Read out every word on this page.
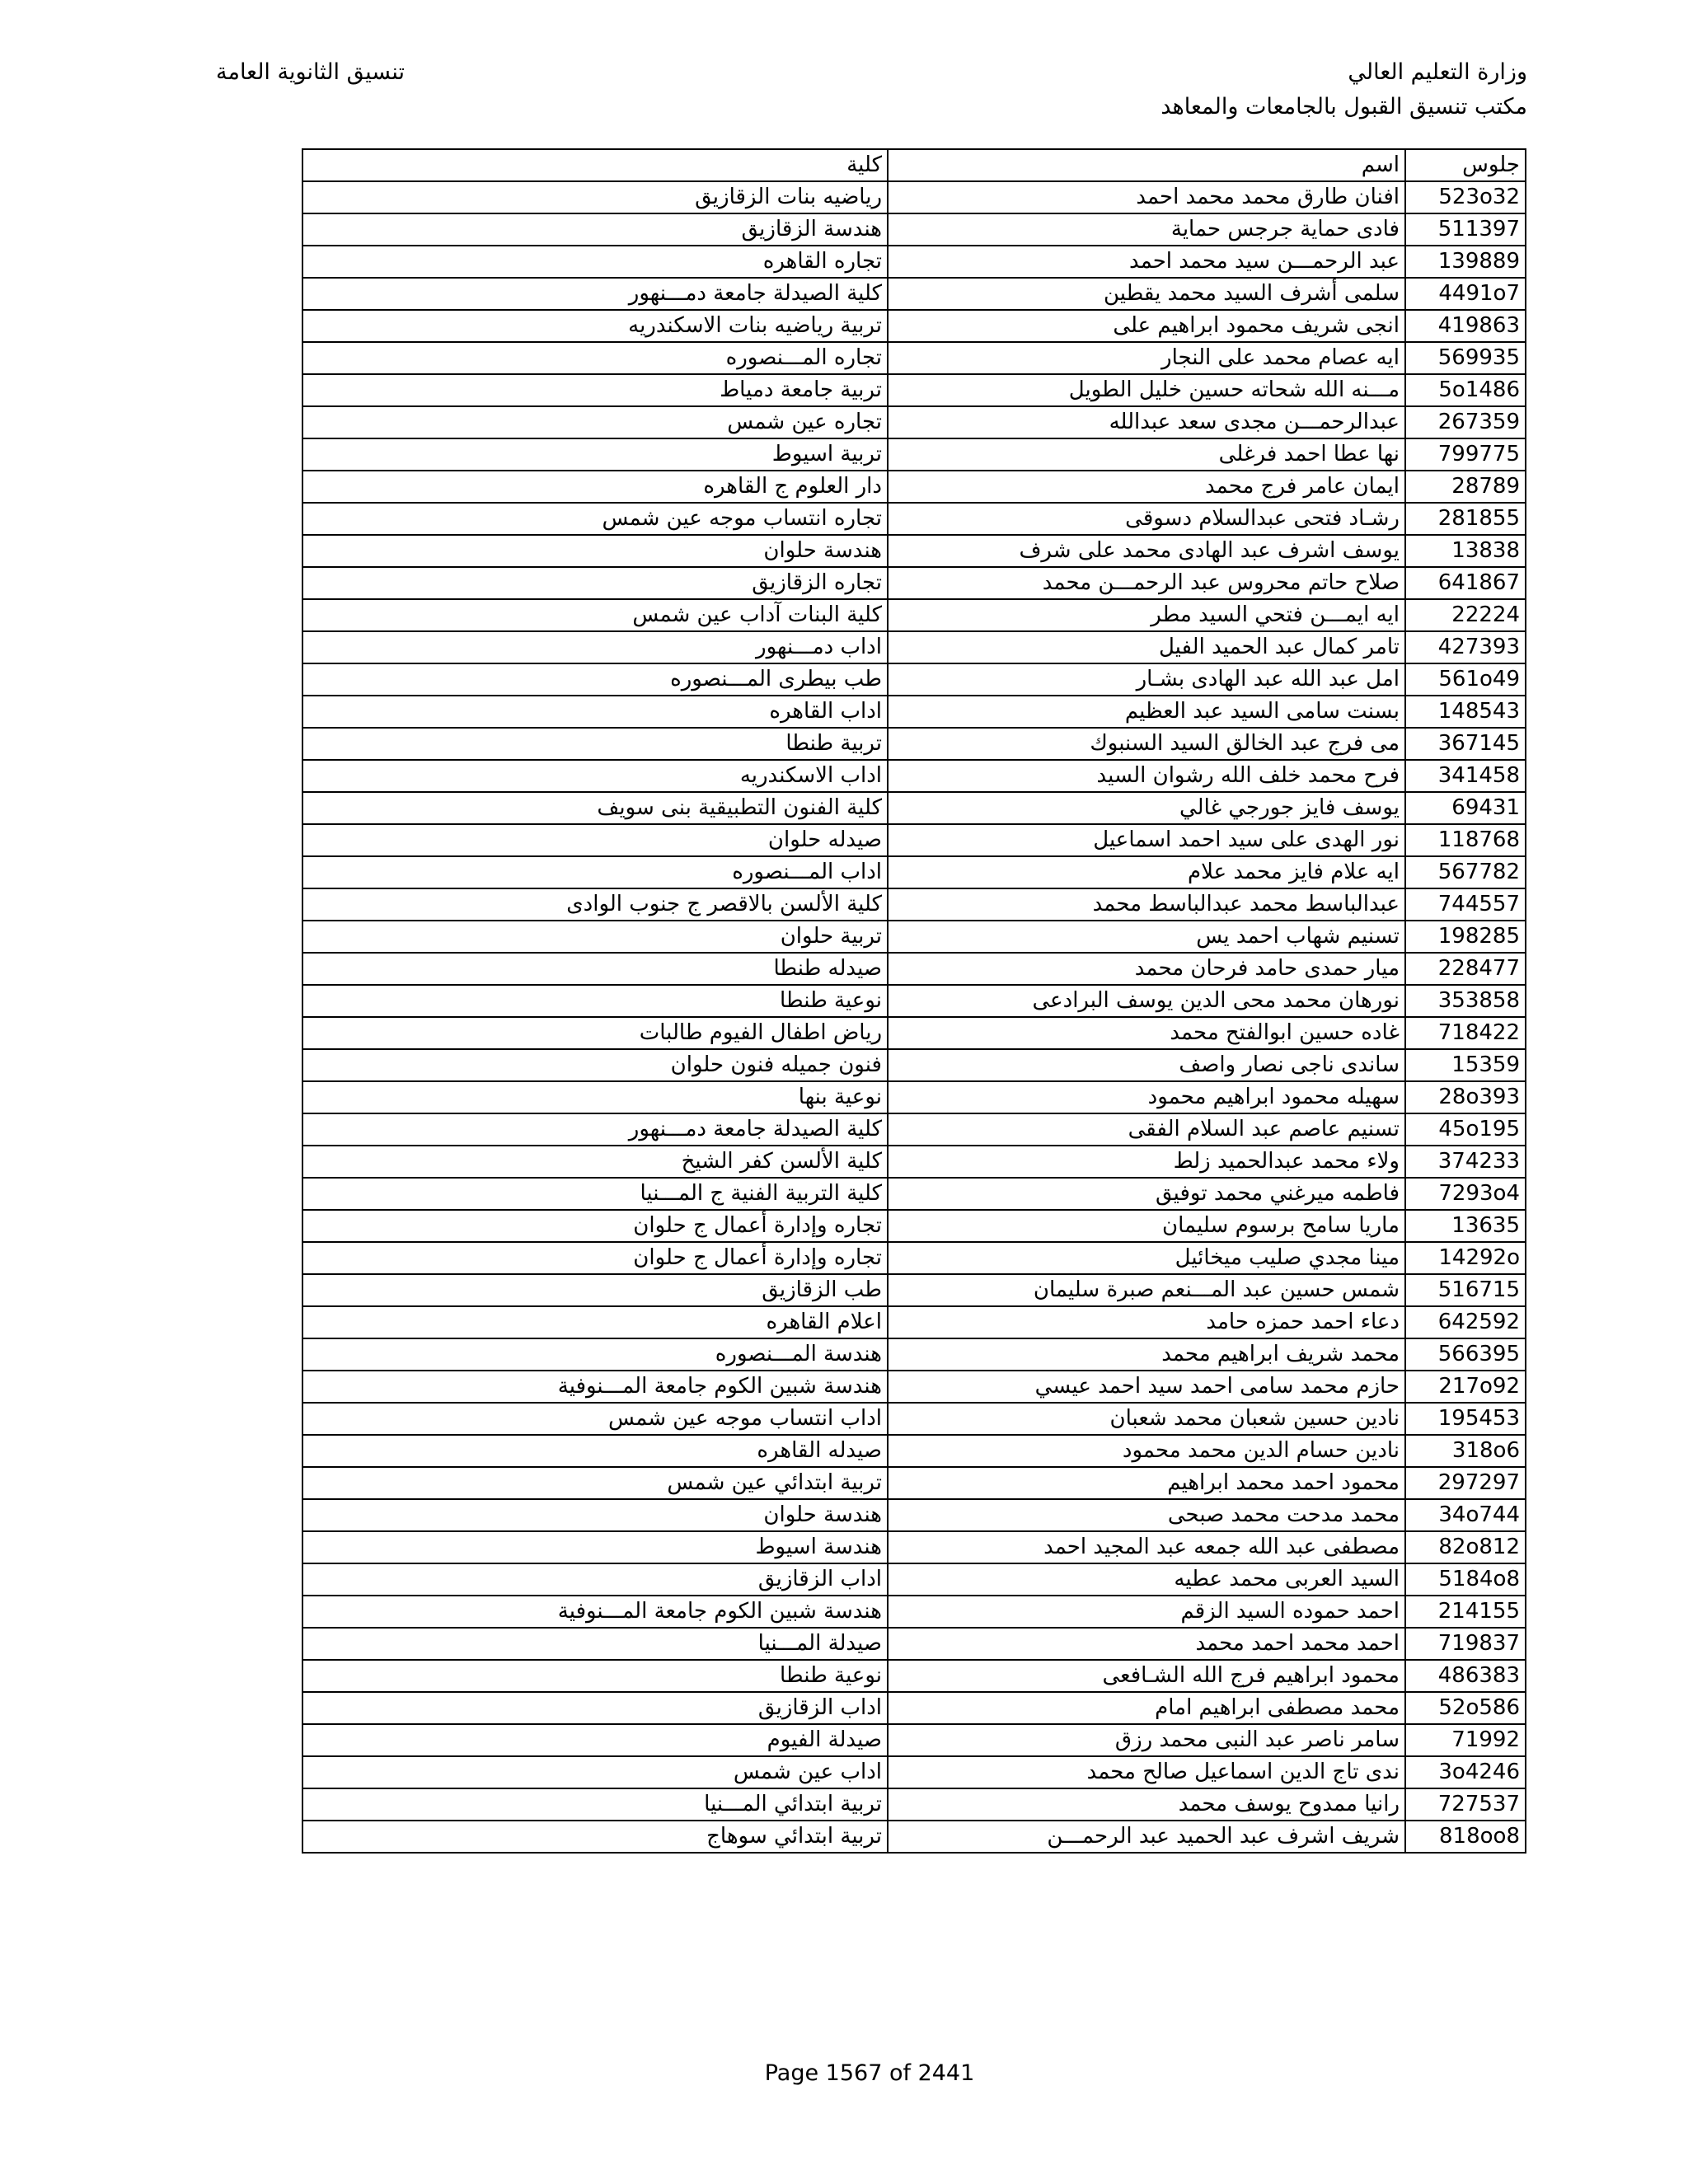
وزارة التعليم العالي
مكتب تنسيق القبول بالجامعات والمعاهد
تنسيق الثانوية العامة
جلوس	اسم	كلية
523o32	افنان طارق محمد محمد احمد	رياضيه بنات الزقازيق
511397	فادى حماية جرجس حماية	هندسة الزقازيق
139889	عبد الرحمـــن سيد محمد احمد	تجاره القاهره
4491o7	سلمى أشرف السيد محمد يقطين	كلية الصيدلة جامعة دمـــنهور
419863	انجى شريف محمود ابراهيم على	تربية رياضيه بنات الاسكندريه
569935	ايه عصام محمد على النجار	تجاره المـــنصوره
5o1486	مـــنه الله شحاته حسين خليل الطويل	تربية جامعة دمياط
267359	عبدالرحمـــن مجدى سعد عبدالله	تجاره عين شمس
799775	نها عطا احمد فرغلى	تربية اسيوط
28789	ايمان عامر فرج محمد	دار العلوم ج القاهره
281855	رشـاد فتحى عبدالسلام دسوقى	تجاره انتساب موجه عين شمس
13838	يوسف اشرف عبد الهادى محمد على شرف	هندسة حلوان
641867	صلاح حاتم محروس عبد الرحمـــن محمد	تجاره الزقازيق
22224	ايه ايمـــن فتحي السيد مطر	كلية البنات آداب عين شمس
427393	تامر كمال عبد الحميد الفيل	اداب دمـــنهور
561o49	امل عبد الله عبد الهادى بشـار	طب بيطرى المـــنصوره
148543	بسنت سامى السيد عبد العظيم	اداب القاهره
367145	مى فرج عبد الخالق السيد السنبوك	تربية طنطا
341458	فرح محمد خلف الله رشوان السيد	اداب الاسكندريه
69431	يوسف فايز جورجي غالي	كلية الفنون التطبيقية بنى سويف
118768	نور الهدى على سيد احمد اسماعيل	صيدله حلوان
567782	ايه علام فايز محمد علام	اداب المـــنصوره
744557	عبدالباسط محمد عبدالباسط محمد	كلية الألسن بالاقصر ج جنوب الوادى
198285	تسنيم شهاب احمد يس	تربية حلوان
228477	ميار حمدى حامد فرحان محمد	صيدله طنطا
353858	نورهان محمد محى الدين يوسف البرادعى	نوعية طنطا
718422	غاده حسين ابوالفتح محمد	رياض اطفال الفيوم طالبات
15359	ساندى ناجى نصار واصف	فنون جميله فنون حلوان
28o393	سهيله محمود ابراهيم محمود	نوعية بنها
45o195	تسنيم عاصم عبد السلام الفقى	كلية الصيدلة جامعة دمـــنهور
374233	ولاء محمد عبدالحميد زلط	كلية الألسن كفر الشيخ
7293o4	فاطمه ميرغني محمد توفيق	كلية التربية الفنية ج المـــنيا
13635	ماريا سامح برسوم سليمان	تجاره وإدارة أعمال ج حلوان
14292o	مينا مجدي صليب ميخائيل	تجاره وإدارة أعمال ج حلوان
516715	شمس حسين عبد المـــنعم صبرة سليمان	طب الزقازيق
642592	دعاء احمد حمزه حامد	اعلام القاهره
566395	محمد شريف ابراهيم محمد	هندسة المـــنصوره
217o92	حازم محمد سامى احمد سيد احمد عيسي	هندسة شبين الكوم جامعة المـــنوفية
195453	نادين حسين شعبان محمد شعبان	اداب انتساب موجه عين شمس
318o6	نادين حسام الدين محمد محمود	صيدله القاهره
297297	محمود احمد محمد ابراهيم	تربية ابتدائي عين شمس
34o744	محمد مدحت محمد صبحى	هندسة حلوان
82o812	مصطفى عبد الله جمعه عبد المجيد احمد	هندسة اسيوط
5184o8	السيد العربى محمد عطيه	اداب الزقازيق
214155	احمد حموده السيد الزقم	هندسة شبين الكوم جامعة المـــنوفية
719837	احمد محمد احمد محمد	صيدلة المـــنيا
486383	محمود ابراهيم فرج الله الشـافعى	نوعية طنطا
52o586	محمد مصطفى ابراهيم امام	اداب الزقازيق
71992	سامر ناصر عبد النبى محمد رزق	صيدلة الفيوم
3o4246	ندى تاج الدين اسماعيل صالح محمد	اداب عين شمس
727537	رانيا ممدوح يوسف محمد	تربية ابتدائي المـــنيا
818oo8	شريف اشرف عبد الحميد عبد الرحمـــن	تربية ابتدائي سوهاج
Page 1567 of 2441
